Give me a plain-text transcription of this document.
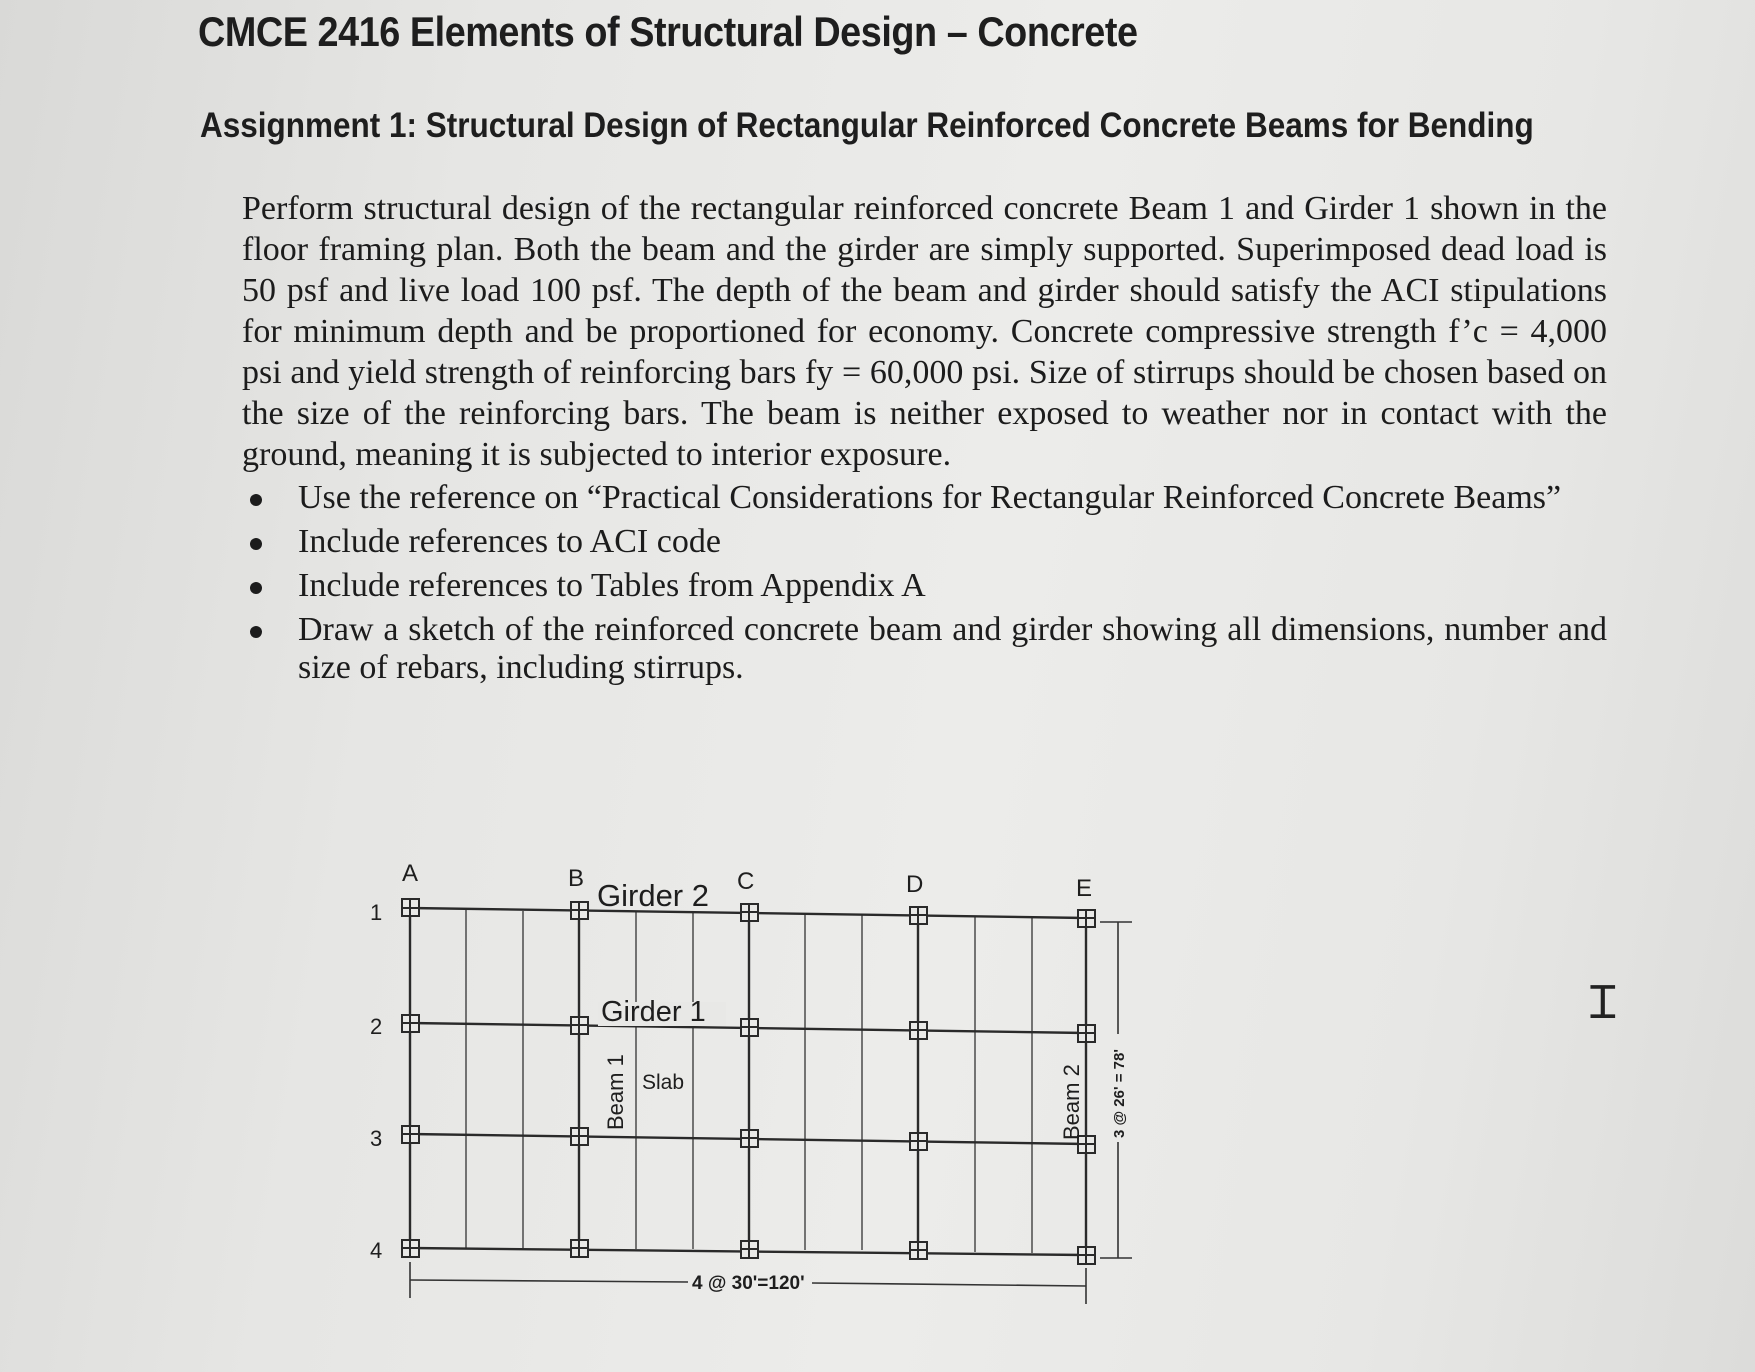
CMCE 2416 Elements of Structural Design – Concrete
Assignment 1: Structural Design of Rectangular Reinforced Concrete Beams for Bending
Perform structural design of the rectangular reinforced concrete Beam 1 and Girder 1 shown in the floor framing plan. Both the beam and the girder are simply supported. Superimposed dead load is 50 psf and live load 100 psf. The depth of the beam and girder should satisfy the ACI stipulations for minimum depth and be proportioned for economy. Concrete compressive strength f’c = 4,000 psi and yield strength of reinforcing bars fy = 60,000 psi. Size of stirrups should be chosen based on the size of the reinforcing bars. The beam is neither exposed to weather nor in contact with the ground, meaning it is subjected to interior exposure.
Use the reference on “Practical Considerations for Rectangular Reinforced Concrete Beams”
Include references to ACI code
Include references to Tables from Appendix A
Draw a sketch of the reinforced concrete beam and girder showing all dimensions, number and size of rebars, including stirrups.
A	B	C	D	E
1
2
3
4
Girder 2
Girder 1
Slab
Beam 1	Beam 2
4 @ 30'=120'
3 @ 26' = 78'
Ɪ
